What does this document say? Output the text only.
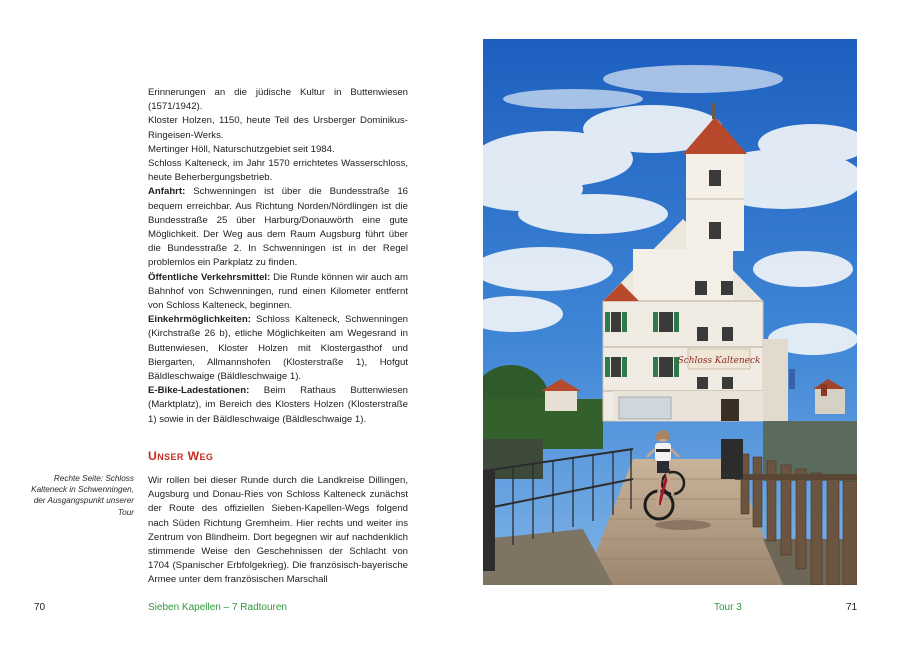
Erinnerungen an die jüdische Kultur in Buttenwiesen (1571/1942).

Kloster Holzen, 1150, heute Teil des Ursberger Dominikus-Ringeisen-Werks.

Mertinger Höll, Naturschutzgebiet seit 1984.

Schloss Kalteneck, im Jahr 1570 errichtetes Wasserschloss, heute Beherbergungsbetrieb.

Anfahrt: Schwenningen ist über die Bundesstraße 16 bequem erreichbar. Aus Richtung Norden/Nördlingen ist die Bundesstraße 25 über Harburg/Donauwörth eine gute Möglichkeit. Der Weg aus dem Raum Augsburg führt über die Bundesstraße 2. In Schwenningen ist in der Regel problemlos ein Parkplatz zu finden.

Öffentliche Verkehrsmittel: Die Runde können wir auch am Bahnhof von Schwenningen, rund einen Kilometer entfernt von Schloss Kalteneck, beginnen.

Einkehrmöglichkeiten: Schloss Kalteneck, Schwenningen (Kirchstraße 26 b), etliche Möglichkeiten am Wegesrand in Buttenwiesen, Kloster Holzen mit Klostergasthof und Biergarten, Allmannshofen (Klosterstraße 1), Hofgut Bäldleschwaige (Bäldleschwaige 1).

E-Bike-Ladestationen: Beim Rathaus Buttenwiesen (Marktplatz), im Bereich des Klosters Holzen (Klosterstraße 1) sowie in der Bäldleschwaige (Bäldleschwaige 1).

Unser Weg
Wir rollen bei dieser Runde durch die Landkreise Dillingen, Augsburg und Donau-Ries von Schloss Kalteneck zunächst der Route des offiziellen Sieben-Kapellen-Wegs folgend nach Süden Richtung Gremheim. Hier rechts und weiter ins Zentrum von Blindheim. Dort begegnen wir auf nachdenklich stimmende Weise den Geschehnissen der Schlacht von 1704 (Spanischer Erbfolgekrieg). Die französisch-bayerische Armee unter dem französischen Marschall
Rechte Seite: Schloss Kalteneck in Schwenningen, der Ausgangspunkt unserer Tour
70	Sieben Kapellen – 7 Radtouren
Schloss Kalteneck
Tour 3	71
